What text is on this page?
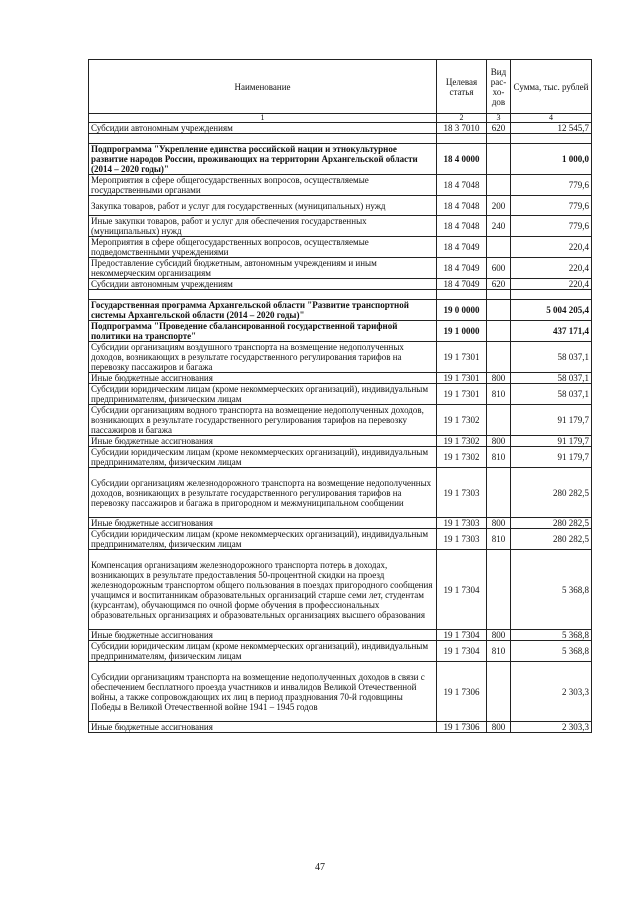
Наименование	Целевая статья	Вид рас-хо-дов	Сумма, тыс. рублей
1	2	3	4
Субсидии автономным учреждениям	18 3 7010	620	12 545,7

Подпрограмма "Укрепление единства российской нации и этнокультурное развитие народов России, проживающих на территории Архангельской области (2014 – 2020 годы)"	18 4 0000		1 000,0
Мероприятия в сфере общегосударственных вопросов, осуществляемые государственными органами	18 4 7048		779,6
Закупка товаров, работ и услуг для государственных (муниципальных) нужд	18 4 7048	200	779,6
Иные закупки товаров, работ и услуг для обеспечения государственных (муниципальных) нужд	18 4 7048	240	779,6
Мероприятия в сфере общегосударственных вопросов, осуществляемые подведомственными учреждениями	18 4 7049		220,4
Предоставление субсидий бюджетным, автономным учреждениям и иным некоммерческим организациям	18 4 7049	600	220,4
Субсидии автономным учреждениям	18 4 7049	620	220,4

Государственная программа Архангельской области "Развитие транспортной системы Архангельской области (2014 – 2020 годы)"	19 0 0000		5 004 205,4
Подпрограмма "Проведение сбалансированной государственной тарифной политики на транспорте"	19 1 0000		437 171,4
Субсидии организациям воздушного транспорта на возмещение недополученных доходов, возникающих в результате государственного регулирования тарифов на перевозку пассажиров и багажа	19 1 7301		58 037,1
Иные бюджетные ассигнования	19 1 7301	800	58 037,1
Субсидии юридическим лицам (кроме некоммерческих организаций), индивидуальным предпринимателям, физическим лицам	19 1 7301	810	58 037,1
Субсидии организациям водного транспорта на возмещение недополученных доходов, возникающих в результате государственного регулирования тарифов на перевозку пассажиров и багажа	19 1 7302		91 179,7
Иные бюджетные ассигнования	19 1 7302	800	91 179,7
Субсидии юридическим лицам (кроме некоммерческих организаций), индивидуальным предпринимателям, физическим лицам	19 1 7302	810	91 179,7
Субсидии организациям железнодорожного транспорта на возмещение недополученных доходов, возникающих в результате государственного регулирования тарифов на перевозку пассажиров и багажа в пригородном и межмуниципальном сообщении	19 1 7303		280 282,5
Иные бюджетные ассигнования	19 1 7303	800	280 282,5
Субсидии юридическим лицам (кроме некоммерческих организаций), индивидуальным предпринимателям, физическим лицам	19 1 7303	810	280 282,5
Компенсация организациям железнодорожного транспорта потерь в доходах, возникающих в результате предоставления 50-процентной скидки на проезд железнодорожным транспортом общего пользования в поездах пригородного сообщения учащимся и воспитанникам образовательных организаций старше семи лет, студентам (курсантам), обучающимся по очной форме обучения в профессиональных образовательных организациях и образовательных организациях высшего образования	19 1 7304		5 368,8
Иные бюджетные ассигнования	19 1 7304	800	5 368,8
Субсидии юридическим лицам (кроме некоммерческих организаций), индивидуальным предпринимателям, физическим лицам	19 1 7304	810	5 368,8
Субсидии организациям транспорта на возмещение недополученных доходов в связи с обеспечением бесплатного проезда участников и инвалидов Великой Отечественной войны, а также сопровождающих их лиц в период празднования 70-й годовщины Победы в Великой Отечественной войне 1941 – 1945 годов	19 1 7306		2 303,3
Иные бюджетные ассигнования	19 1 7306	800	2 303,3
47
